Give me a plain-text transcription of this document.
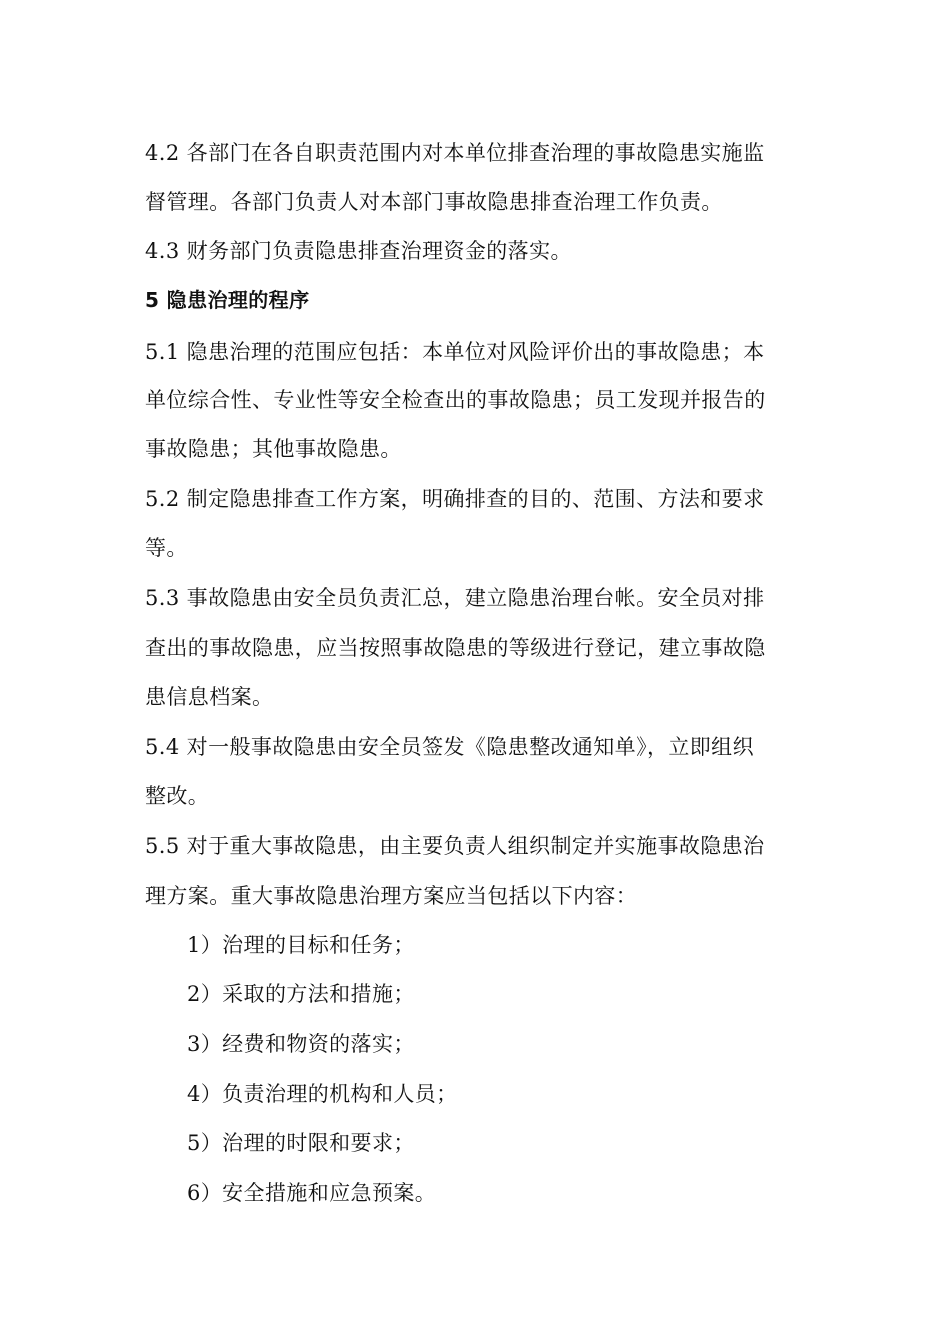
4.2 各部门在各自职责范围内对本单位排查治理的事故隐患实施监
督管理。各部门负责人对本部门事故隐患排查治理工作负责。
4.3 财务部门负责隐患排查治理资金的落实。
5 隐患治理的程序
5.1 隐患治理的范围应包括：本单位对风险评价出的事故隐患；本
单位综合性、专业性等安全检查出的事故隐患；员工发现并报告的
事故隐患；其他事故隐患。
5.2 制定隐患排查工作方案，明确排查的目的、范围、方法和要求
等。
5.3 事故隐患由安全员负责汇总，建立隐患治理台帐。安全员对排
查出的事故隐患，应当按照事故隐患的等级进行登记，建立事故隐
患信息档案。
5.4 对一般事故隐患由安全员签发《隐患整改通知单》，立即组织
整改。
5.5 对于重大事故隐患，由主要负责人组织制定并实施事故隐患治
理方案。重大事故隐患治理方案应当包括以下内容：
1）治理的目标和任务；
2）采取的方法和措施；
3）经费和物资的落实；
4）负责治理的机构和人员；
5）治理的时限和要求；
6）安全措施和应急预案。
